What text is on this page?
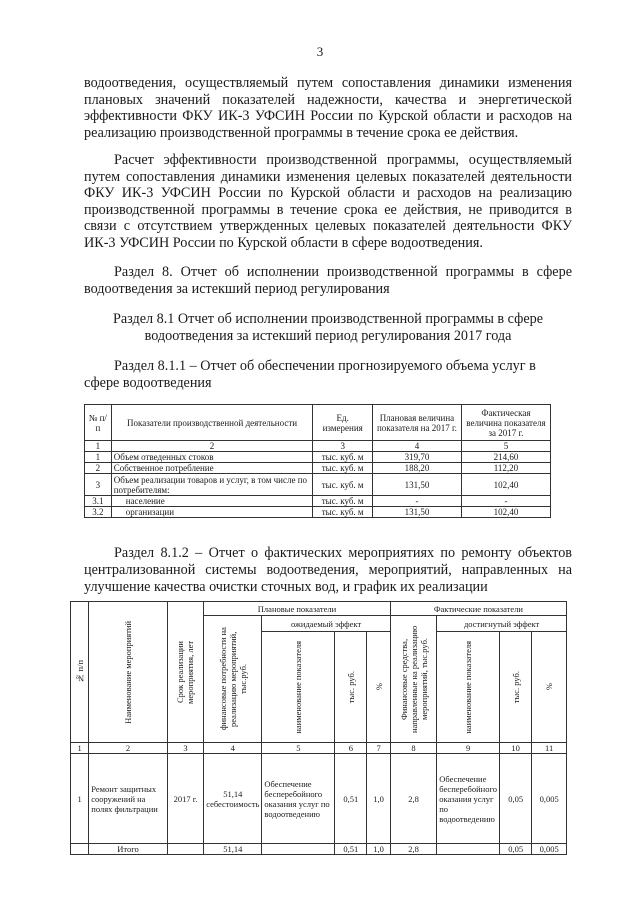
3
водоотведения, осуществляемый путем сопоставления динамики изменения плановых значений показателей надежности, качества и энергетической эффективности ФКУ ИК-3 УФСИН России по Курской области и расходов на реализацию производственной программы в течение срока ее действия.
Расчет эффективности производственной программы, осуществляемый путем сопоставления динамики изменения целевых показателей деятельности ФКУ ИК-3 УФСИН России по Курской области и расходов на реализацию производственной программы в течение срока ее действия, не приводится в связи с отсутствием утвержденных целевых показателей деятельности ФКУ ИК-3 УФСИН России по Курской области в сфере водоотведения.
Раздел 8. Отчет об исполнении производственной программы в сфере водоотведения за истекший период регулирования
Раздел 8.1 Отчет об исполнении производственной программы в сфере водоотведения за истекший период регулирования 2017 года
Раздел 8.1.1 – Отчет об обеспечении прогнозируемого объема услуг в сфере водоотведения
№ п/п	Показатели производственной деятельности	Ед. измерения	Плановая величина показателя на 2017 г.	Фактическая величина показателя за 2017 г.
1	2	3	4	5
1	Объем отведенных стоков	тыс. куб. м	319,70	214,60
2	Собственное потребление	тыс. куб. м	188,20	112,20
3	Объем реализации товаров и услуг, в том числе по потребителям:	тыс. куб. м	131,50	102,40
3.1	население	тыс. куб. м	-	-
3.2	организации	тыс. куб. м	131,50	102,40
Раздел 8.1.2 – Отчет о фактических мероприятиях по ремонту объектов централизованной системы водоотведения, мероприятий, направленных на улучшение качества очистки сточных вод, и график их реализации
№ п/п	Наименование мероприятий	Срок реализации мероприятия, лет	Плановые показатели				Фактические показатели			

			финансовые потребности на реализацию мероприятий, тыс.руб.	ожидаемый эффект			Финансовые средства, направленные на реализацию мероприятий, тыс.руб.	достигнутый эффект		

				наименование показателя	тыс. руб.	%		наименование показателя	тыс. руб.	%

1	2	3	4	5	6	7	8	9	10	11
1	Ремонт защитных сооружений на полях фильтрации	2017 г.	51,14 себестоимость	Обеспечение бесперебойного оказания услуг по водоотведению	0,51	1,0	2,8	Обеспечение бесперебойного оказания услуг по водоотведению	0,05	0,005
	Итого		51,14		0,51	1,0	2,8		0,05	0,005
